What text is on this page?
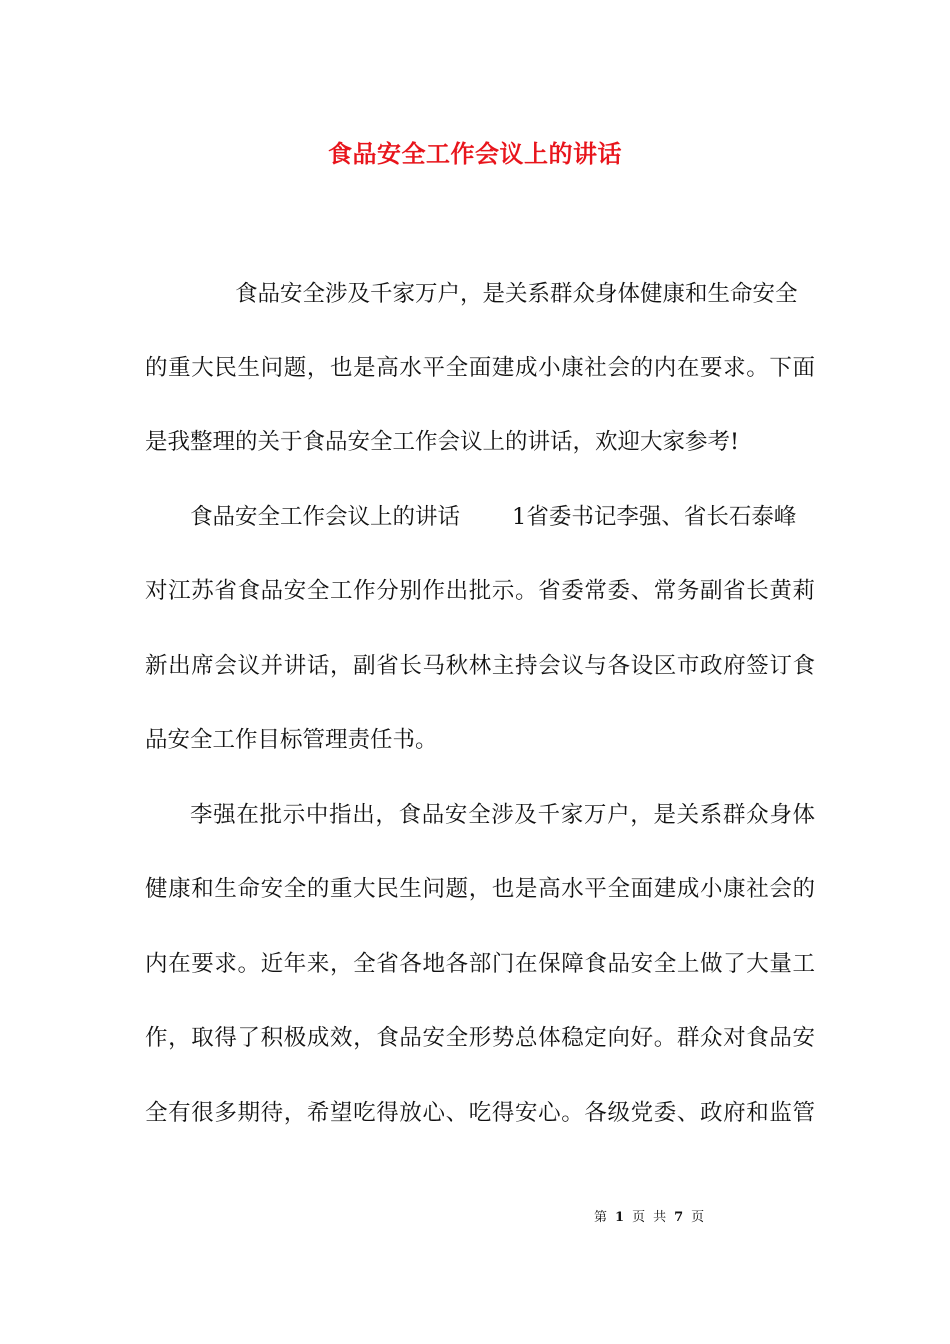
食品安全工作会议上的讲话
食品安全涉及千家万户，是关系群众身体健康和生命安全
的重大民生问题，也是高水平全面建成小康社会的内在要求。下面
是我整理的关于食品安全工作会议上的讲话，欢迎大家参考!
食品安全工作会议上的讲话	1省委书记李强、省长石泰峰
对江苏省食品安全工作分别作出批示。省委常委、常务副省长黄莉
新出席会议并讲话，副省长马秋林主持会议与各设区市政府签订食
品安全工作目标管理责任书。
李强在批示中指出，食品安全涉及千家万户，是关系群众身体
健康和生命安全的重大民生问题，也是高水平全面建成小康社会的
内在要求。近年来，全省各地各部门在保障食品安全上做了大量工
作，取得了积极成效，食品安全形势总体稳定向好。群众对食品安
全有很多期待，希望吃得放心、吃得安心。各级党委、政府和监管
第 1 页 共 7 页
